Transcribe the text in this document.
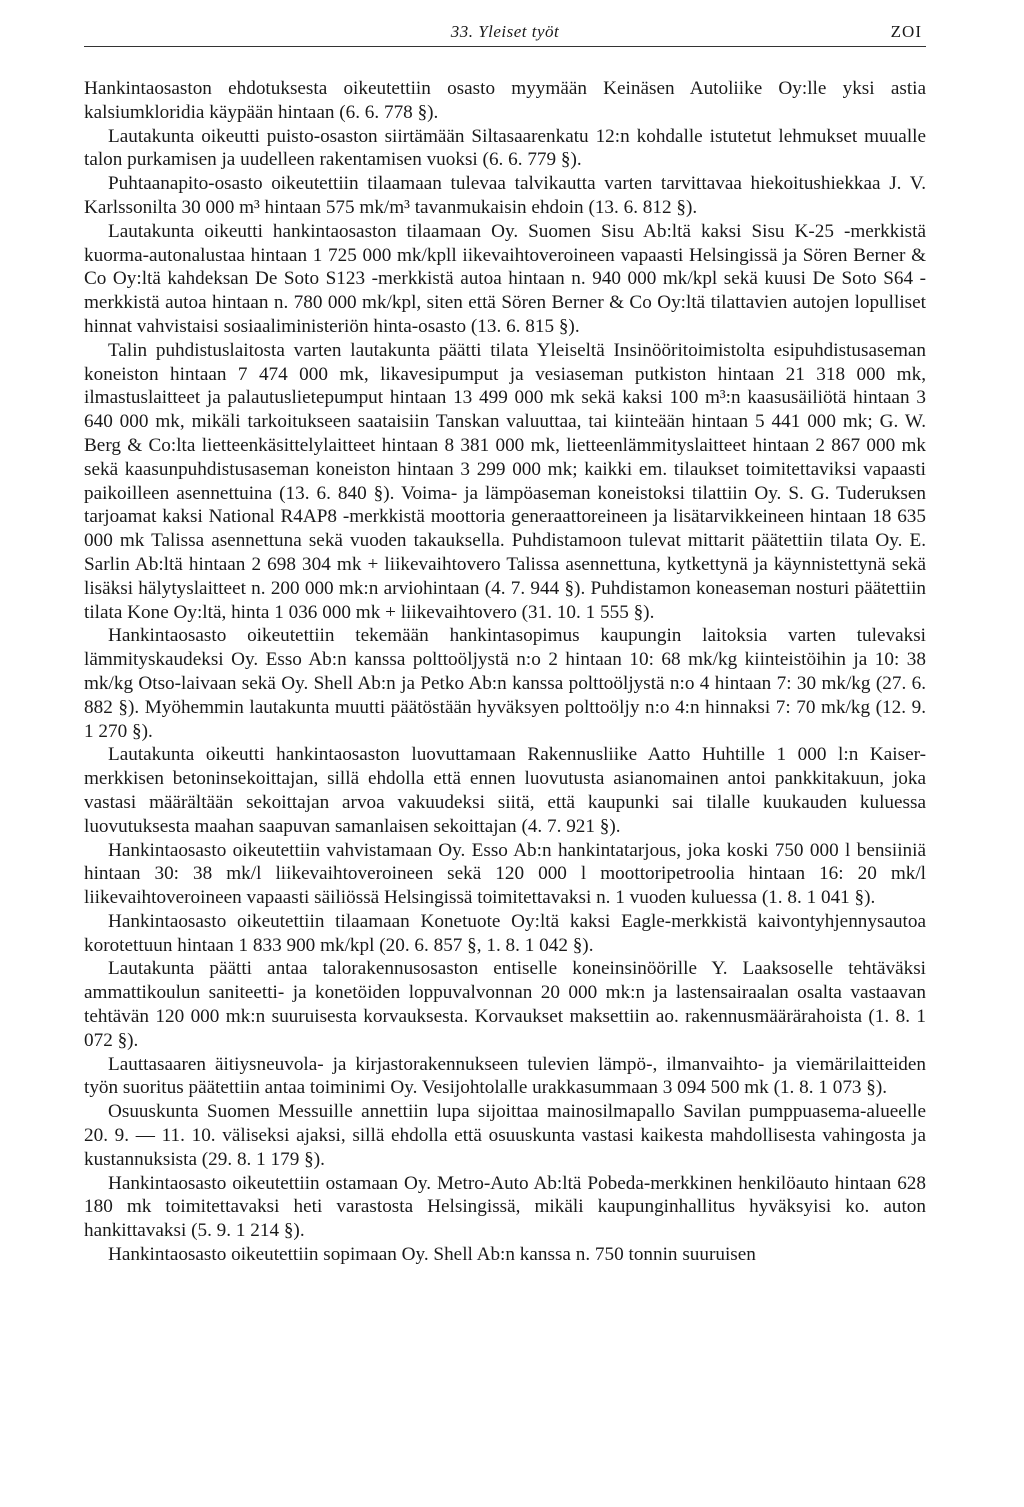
33. Yleiset työt	ZOI

Hankintaosaston ehdotuksesta oikeutettiin osasto myymään Keinäsen Autoliike Oy:lle yksi astia kalsiumkloridia käypään hintaan (6. 6. 778 §).

Lautakunta oikeutti puisto-osaston siirtämään Siltasaarenkatu 12:n kohdalle istutetut lehmukset muualle talon purkamisen ja uudelleen rakentamisen vuoksi (6. 6. 779 §).

Puhtaanapito-osasto oikeutettiin tilaamaan tulevaa talvikautta varten tarvittavaa hiekoitushiekkaa J. V. Karlssonilta 30 000 m³ hintaan 575 mk/m³ tavanmukaisin ehdoin (13. 6. 812 §).

Lautakunta oikeutti hankintaosaston tilaamaan Oy. Suomen Sisu Ab:ltä kaksi Sisu K-25 -merkkistä kuorma-autonalustaa hintaan 1 725 000 mk/kpll iikevaihtoveroineen vapaasti Helsingissä ja Sören Berner & Co Oy:ltä kahdeksan De Soto S123 -merkkistä autoa hintaan n. 940 000 mk/kpl sekä kuusi De Soto S64 -merkkistä autoa hintaan n. 780 000 mk/kpl, siten että Sören Berner & Co Oy:ltä tilattavien autojen lopulliset hinnat vahvistaisi sosiaaliministeriön hinta-osasto (13. 6. 815 §).

Talin puhdistuslaitosta varten lautakunta päätti tilata Yleiseltä Insinööritoimistolta esipuhdistusaseman koneiston hintaan 7 474 000 mk, likavesipumput ja vesiaseman putkiston hintaan 21 318 000 mk, ilmastuslaitteet ja palautuslietepumput hintaan 13 499 000 mk sekä kaksi 100 m³:n kaasusäiliötä hintaan 3 640 000 mk, mikäli tarkoitukseen saataisiin Tanskan valuuttaa, tai kiinteään hintaan 5 441 000 mk; G. W. Berg & Co:lta lietteenkäsittelylaitteet hintaan 8 381 000 mk, lietteenlämmityslaitteet hintaan 2 867 000 mk sekä kaasunpuhdistusaseman koneiston hintaan 3 299 000 mk; kaikki em. tilaukset toimitettaviksi vapaasti paikoilleen asennettuina (13. 6. 840 §). Voima- ja lämpöaseman koneistoksi tilattiin Oy. S. G. Tuderuksen tarjoamat kaksi National R4AP8 -merkkistä moottoria generaattoreineen ja lisätarvikkeineen hintaan 18 635 000 mk Talissa asennettuna sekä vuoden takauksella. Puhdistamoon tulevat mittarit päätettiin tilata Oy. E. Sarlin Ab:ltä hintaan 2 698 304 mk + liikevaihtovero Talissa asennettuna, kytkettynä ja käynnistettynä sekä lisäksi hälytyslaitteet n. 200 000 mk:n arviohintaan (4. 7. 944 §). Puhdistamon koneaseman nosturi päätettiin tilata Kone Oy:ltä, hinta 1 036 000 mk + liikevaihtovero (31. 10. 1 555 §).

Hankintaosasto oikeutettiin tekemään hankintasopimus kaupungin laitoksia varten tulevaksi lämmityskaudeksi Oy. Esso Ab:n kanssa polttoöljystä n:o 2 hintaan 10: 68 mk/kg kiinteistöihin ja 10: 38 mk/kg Otso-laivaan sekä Oy. Shell Ab:n ja Petko Ab:n kanssa polttoöljystä n:o 4 hintaan 7: 30 mk/kg (27. 6. 882 §). Myöhemmin lautakunta muutti päätöstään hyväksyen polttoöljy n:o 4:n hinnaksi 7: 70 mk/kg (12. 9. 1 270 §).

Lautakunta oikeutti hankintaosaston luovuttamaan Rakennusliike Aatto Huhtille 1 000 l:n Kaiser-merkkisen betoninsekoittajan, sillä ehdolla että ennen luovutusta asianomainen antoi pankkitakuun, joka vastasi määrältään sekoittajan arvoa vakuudeksi siitä, että kaupunki sai tilalle kuukauden kuluessa luovutuksesta maahan saapuvan samanlaisen sekoittajan (4. 7. 921 §).

Hankintaosasto oikeutettiin vahvistamaan Oy. Esso Ab:n hankintatarjous, joka koski 750 000 l bensiiniä hintaan 30: 38 mk/l liikevaihtoveroineen sekä 120 000 l moottoripetroolia hintaan 16: 20 mk/l liikevaihtoveroineen vapaasti säiliössä Helsingissä toimitettavaksi n. 1 vuoden kuluessa (1. 8. 1 041 §).

Hankintaosasto oikeutettiin tilaamaan Konetuote Oy:ltä kaksi Eagle-merkkistä kaivontyhjennysautoa korotettuun hintaan 1 833 900 mk/kpl (20. 6. 857 §, 1. 8. 1 042 §).

Lautakunta päätti antaa talorakennusosaston entiselle koneinsinöörille Y. Laaksoselle tehtäväksi ammattikoulun saniteetti- ja konetöiden loppuvalvonnan 20 000 mk:n ja lastensairaalan osalta vastaavan tehtävän 120 000 mk:n suuruisesta korvauksesta. Korvaukset maksettiin ao. rakennusmäärärahoista (1. 8. 1 072 §).

Lauttasaaren äitiysneuvola- ja kirjastorakennukseen tulevien lämpö-, ilmanvaihto- ja viemärilaitteiden työn suoritus päätettiin antaa toiminimi Oy. Vesijohtolalle urakkasummaan 3 094 500 mk (1. 8. 1 073 §).

Osuuskunta Suomen Messuille annettiin lupa sijoittaa mainosilmapallo Savilan pumppuasema-alueelle 20. 9. — 11. 10. väliseksi ajaksi, sillä ehdolla että osuuskunta vastasi kaikesta mahdollisesta vahingosta ja kustannuksista (29. 8. 1 179 §).

Hankintaosasto oikeutettiin ostamaan Oy. Metro-Auto Ab:ltä Pobeda-merkkinen henkilöauto hintaan 628 180 mk toimitettavaksi heti varastosta Helsingissä, mikäli kaupunginhallitus hyväksyisi ko. auton hankittavaksi (5. 9. 1 214 §).

Hankintaosasto oikeutettiin sopimaan Oy. Shell Ab:n kanssa n. 750 tonnin suuruisen
